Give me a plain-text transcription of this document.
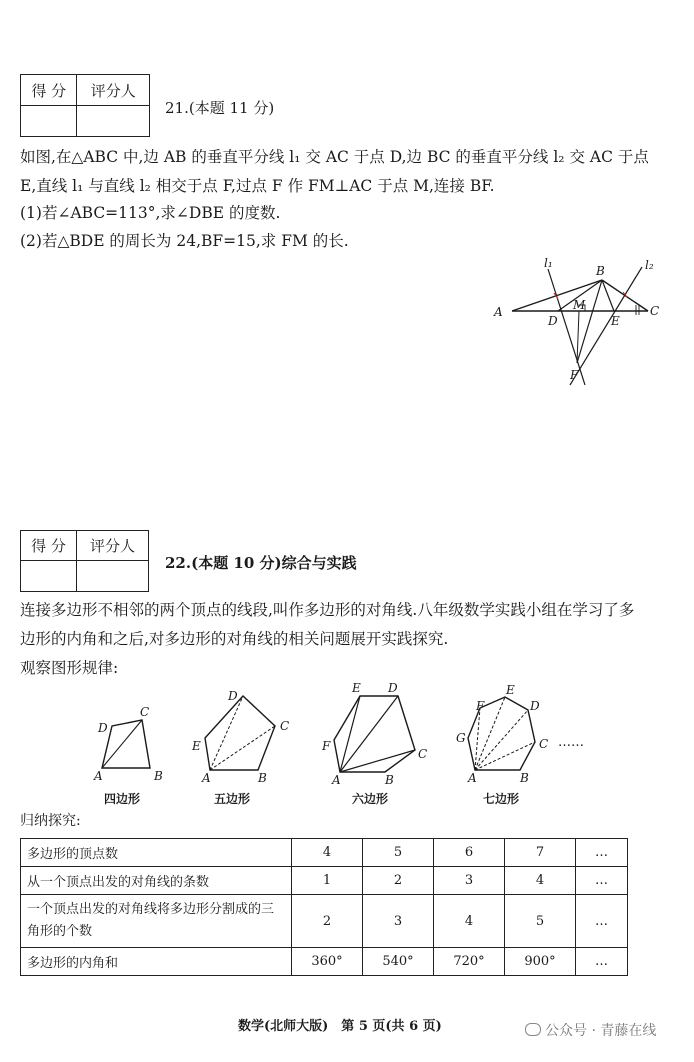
得 分	评分人

21.(本题 11 分)
如图,在△ABC 中,边 AB 的垂直平分线 l₁ 交 AC 于点 D,边 BC 的垂直平分线 l₂ 交 AC 于点
E,直线 l₁ 与直线 l₂ 相交于点 F,过点 F 作 FM⊥AC 于点 M,连接 BF.
(1)若∠ABC=113°,求∠DBE 的度数.
(2)若△BDE 的周长为 24,BF=15,求 FM 的长.
A
B
C
D	E
F
M
l₁	l₂
得 分	评分人

22.(本题 10 分)综合与实践
连接多边形不相邻的两个顶点的线段,叫作多边形的对角线.八年级数学实践小组在学习了多
边形的内角和之后,对多边形的对角线的相关问题展开实践探究.
观察图形规律:
A	B
C
D
A	B
C
D
E
A	B
C
D
E
F
A	B
C
D
E
F
G	……
四边形	五边形	六边形	七边形
归纳探究:
多边形的顶点数	4	5	6	7	…
从一个顶点出发的对角线的条数	1	2	3	4	…
一个顶点出发的对角线将多边形分割成的三角形的个数	2	3	4	5	…
多边形的内角和	360°	540°	720°	900°	…
数学(北师大版)　第 5 页(共 6 页)	公众号 · 青藤在线
